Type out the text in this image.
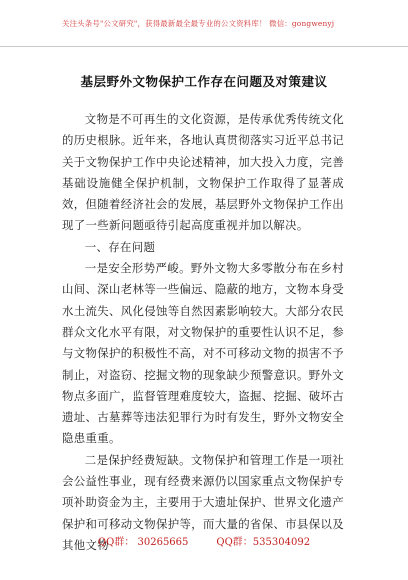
关注头条号"公文研究"，获得最新最全最专业的公文资料库！ 微信：gongwenyj
基层野外文物保护工作存在问题及对策建议

文物是不可再生的文化资源，是传承优秀传统文化的历史根脉。近年来，各地认真贯彻落实习近平总书记关于文物保护工作中央论述精神，加大投入力度，完善基础设施健全保护机制，文物保护工作取得了显著成效，但随着经济社会的发展，基层野外文物保护工作出现了一些新问题亟待引起高度重视并加以解决。

一、存在问题

一是安全形势严峻。野外文物大多零散分布在乡村山间、深山老林等一些偏远、隐蔽的地方，文物本身受水土流失、风化侵蚀等自然因素影响较大。大部分农民群众文化水平有限，对文物保护的重要性认识不足，参与文物保护的积极性不高，对不可移动文物的损害不予制止，对盗窃、挖掘文物的现象缺少预警意识。野外文物点多面广，监督管理难度较大，盗掘、挖掘、破坏古遗址、古墓葬等违法犯罪行为时有发生，野外文物安全隐患重重。

二是保护经费短缺。文物保护和管理工作是一项社会公益性事业，现有经费来源仍以国家重点文物保护专项补助资金为主，主要用于大遗址保护、世界文化遗产保护和可移动文物保护等，而大量的省保、市县保以及其他文物

QQ群： 30265665	QQ群：535304092
